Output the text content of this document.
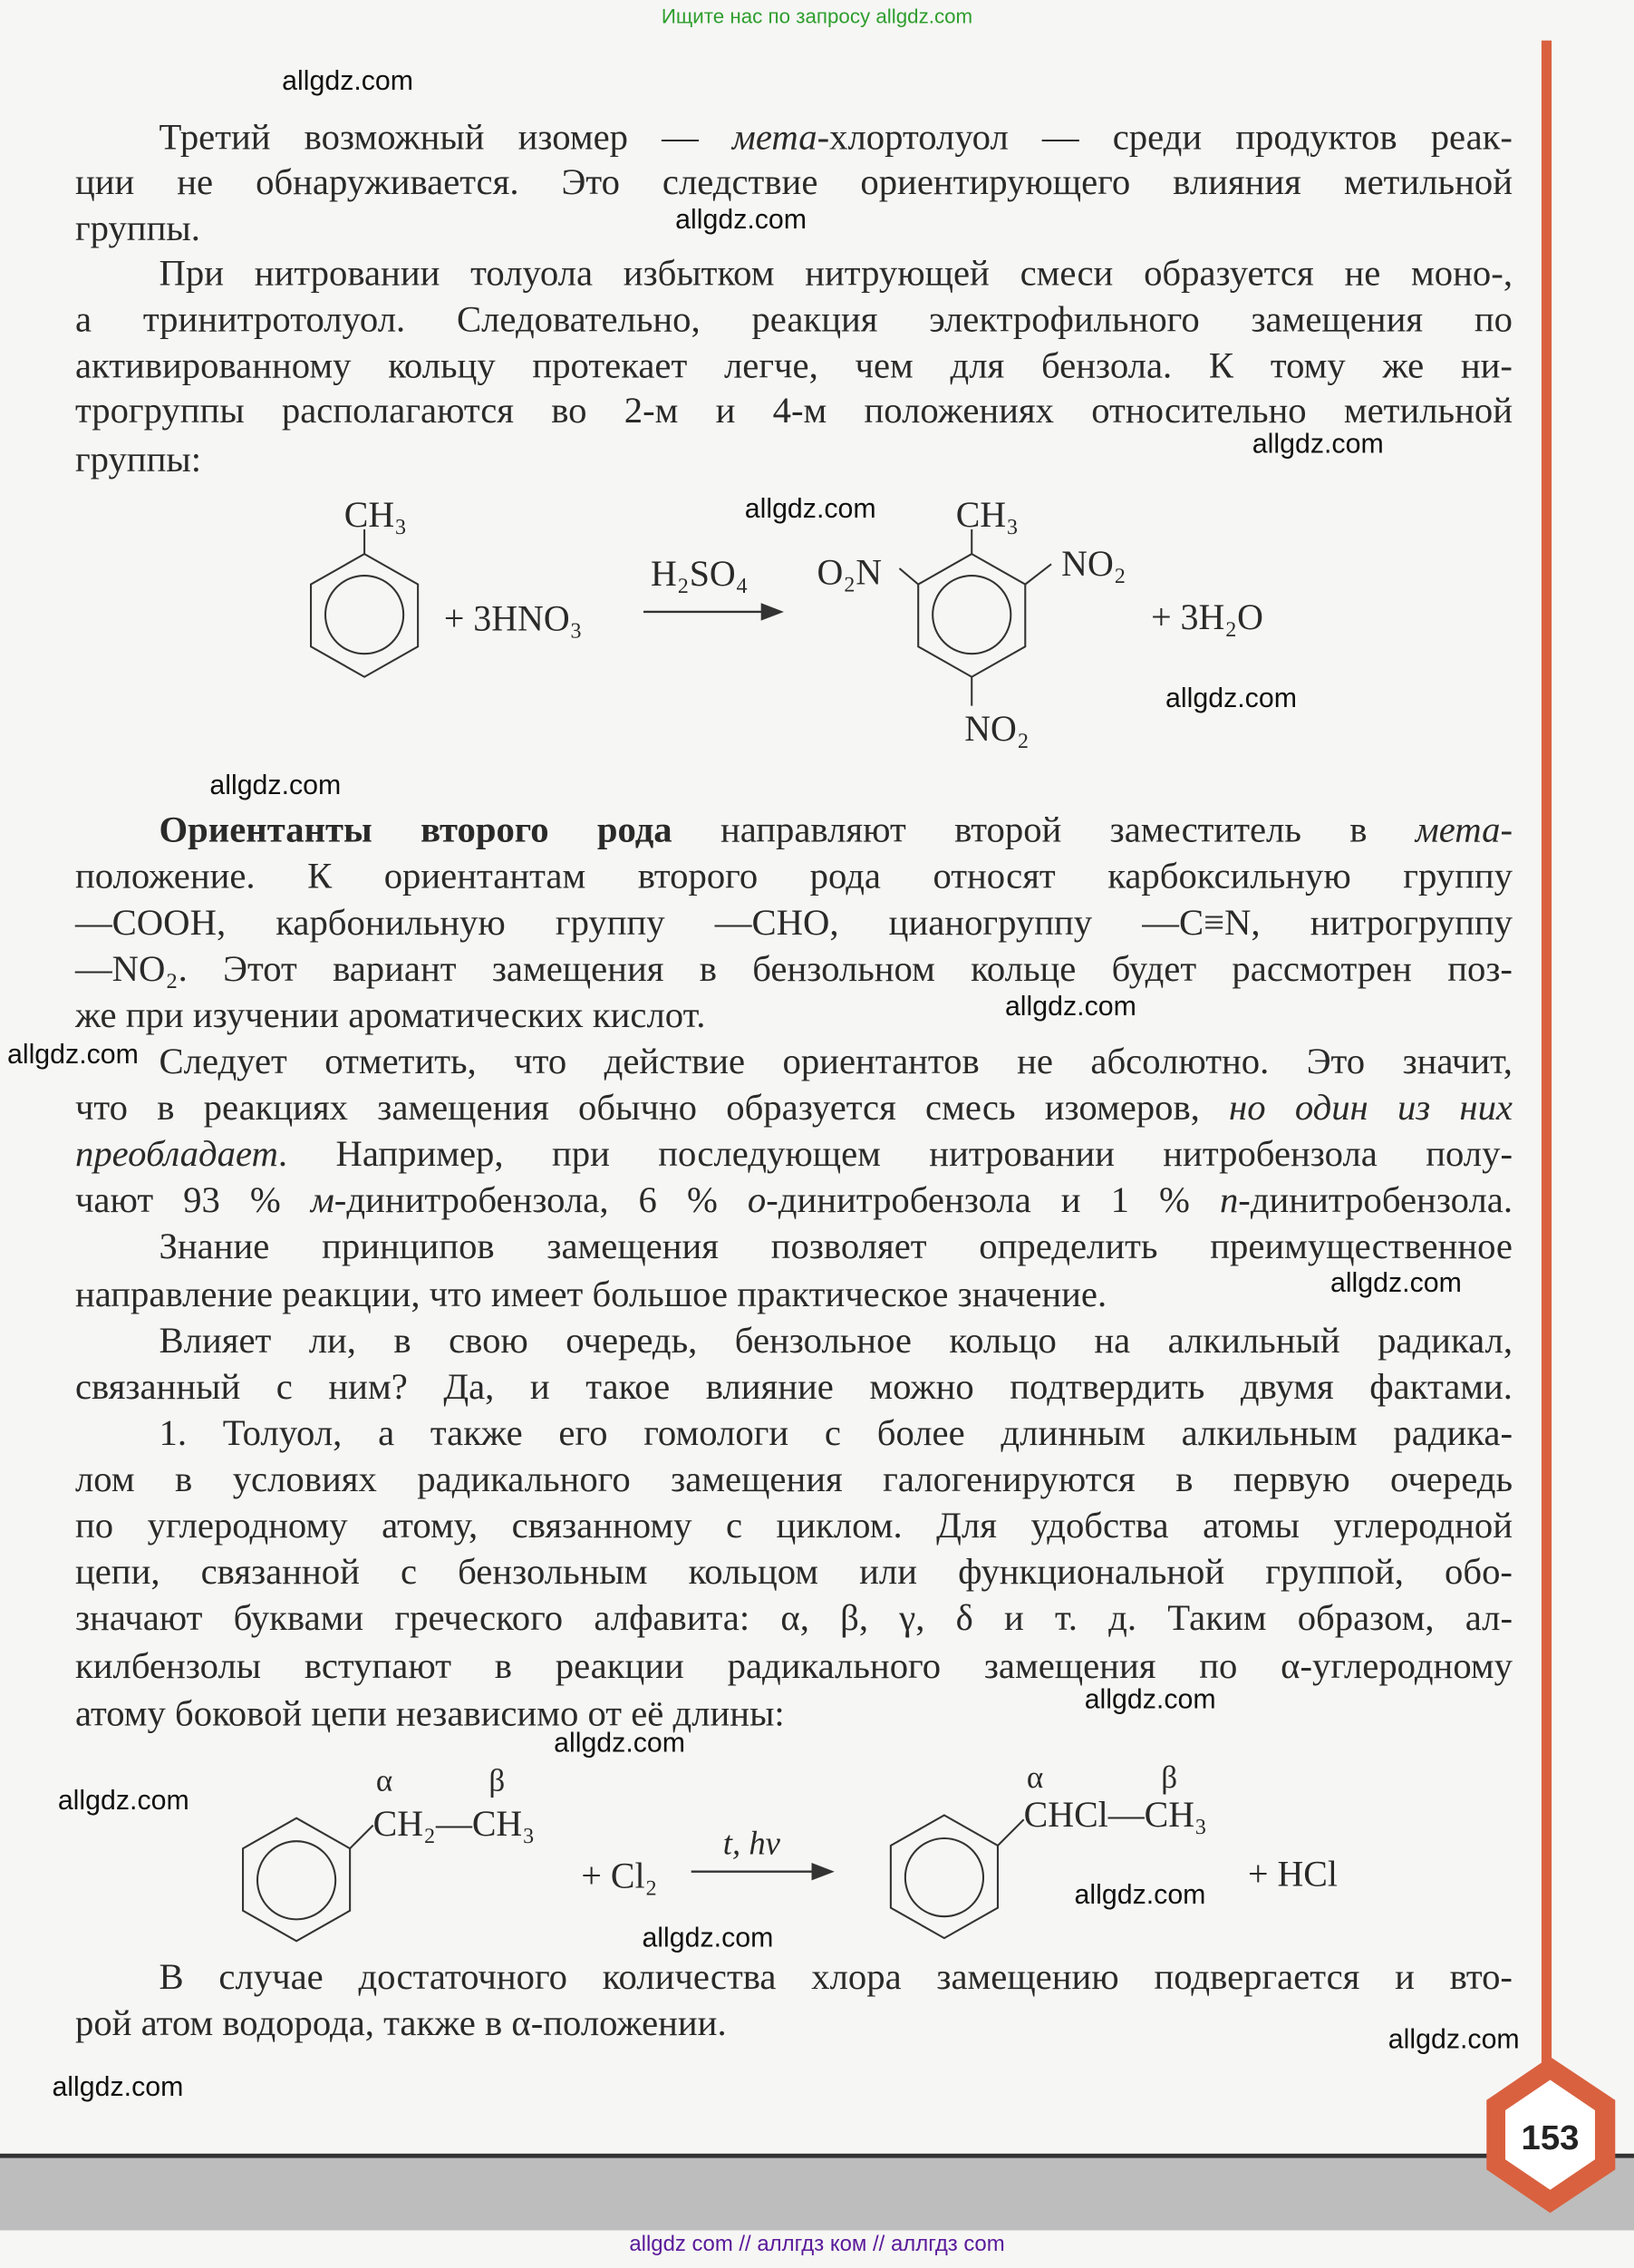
Ищите нас по запросу allgdz.com
Третий возможный изомер — мета-хлортолуол — среди продуктов реак-
ции не обнаруживается. Это следствие ориентирующего влияния метильной
группы.
При нитровании толуола избытком нитрующей смеси образуется не моно-,
а тринитротолуол. Следовательно, реакция электрофильного замещения по
активированному кольцу протекает легче, чем для бензола. К тому же ни-
трогруппы располагаются во 2-м и 4-м положениях относительно метильной
группы:
Ориентанты второго рода направляют второй заместитель в мета-
положение. К ориентантам второго рода относят карбоксильную группу
—COOH, карбонильную группу —CHO, цианогруппу —C≡N, нитрогруппу
—NO₂. Этот вариант замещения в бензольном кольце будет рассмотрен поз-
же при изучении ароматических кислот.
Следует отметить, что действие ориентантов не абсолютно. Это значит,
что в реакциях замещения обычно образуется смесь изомеров, но один из них
преобладает. Например, при последующем нитровании нитробензола полу-
чают 93 % м-динитробензола, 6 % о-динитробензола и 1 % п-динитробензола.
Знание принципов замещения позволяет определить преимущественное
направление реакции, что имеет большое практическое значение.
Влияет ли, в свою очередь, бензольное кольцо на алкильный радикал,
связанный с ним? Да, и такое влияние можно подтвердить двумя фактами.
1. Толуол, а также его гомологи с более длинным алкильным радика-
лом в условиях радикального замещения галогенируются в первую очередь
по углеродному атому, связанному с циклом. Для удобства атомы углеродной
цепи, связанной с бензольным кольцом или функциональной группой, обо-
значают буквами греческого алфавита: α, β, γ, δ и т. д. Таким образом, ал-
килбензолы вступают в реакции радикального замещения по α-углеродному
атому боковой цепи независимо от её длины:
В случае достаточного количества хлора замещению подвергается и вто-
рой атом водорода, также в α-положении.
CH₃
+ 3HNO₃
H₂SO₄
CH₃
O₂N	NO₂
NO₂
+ 3H₂O
α	β
CH₂—CH₃
+ Cl₂
t, hν
α	β
CHCl—CH₃
+ HCl
153
allgdz.com
allgdz.com
allgdz.com
allgdz.com
allgdz.com
allgdz.com
allgdz.com
allgdz.com
allgdz.com
allgdz.com
allgdz.com
allgdz.com
allgdz.com
allgdz.com
allgdz.com
allgdz.com
allgdz com // аллгдз ком // аллгдз com
